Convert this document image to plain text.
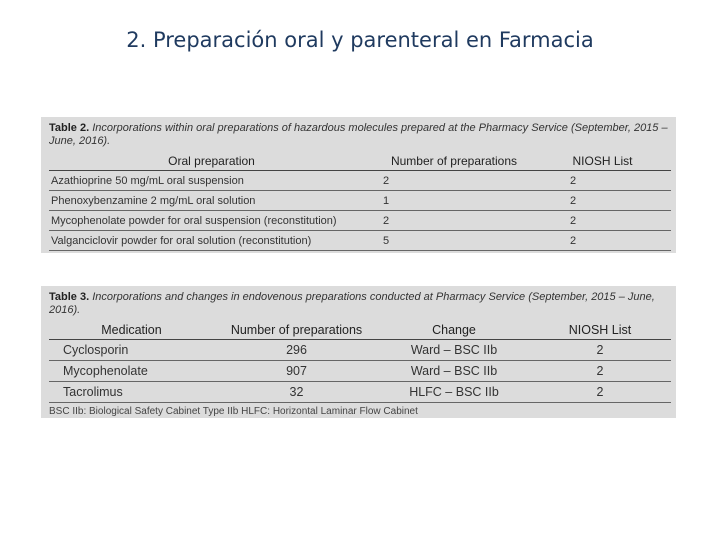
2. Preparación oral y parenteral en Farmacia
Table 2. Incorporations within oral preparations of hazardous molecules prepared at the Pharmacy Service (September, 2015 – June, 2016).
Oral preparation	Number of preparations	NIOSH List
Azathioprine 50 mg/mL oral suspension	2	2
Phenoxybenzamine 2 mg/mL oral solution	1	2
Mycophenolate powder for oral suspension (reconstitution)	2	2
Valganciclovir powder for oral solution (reconstitution)	5	2
Table 3. Incorporations and changes in endovenous preparations conducted at Pharmacy Service (September, 2015 – June, 2016).
Medication	Number of preparations	Change	NIOSH List
Cyclosporin	296	Ward – BSC IIb	2
Mycophenolate	907	Ward – BSC IIb	2
Tacrolimus	32	HLFC – BSC IIb	2
BSC IIb: Biological Safety Cabinet Type IIb HLFC: Horizontal Laminar Flow Cabinet
